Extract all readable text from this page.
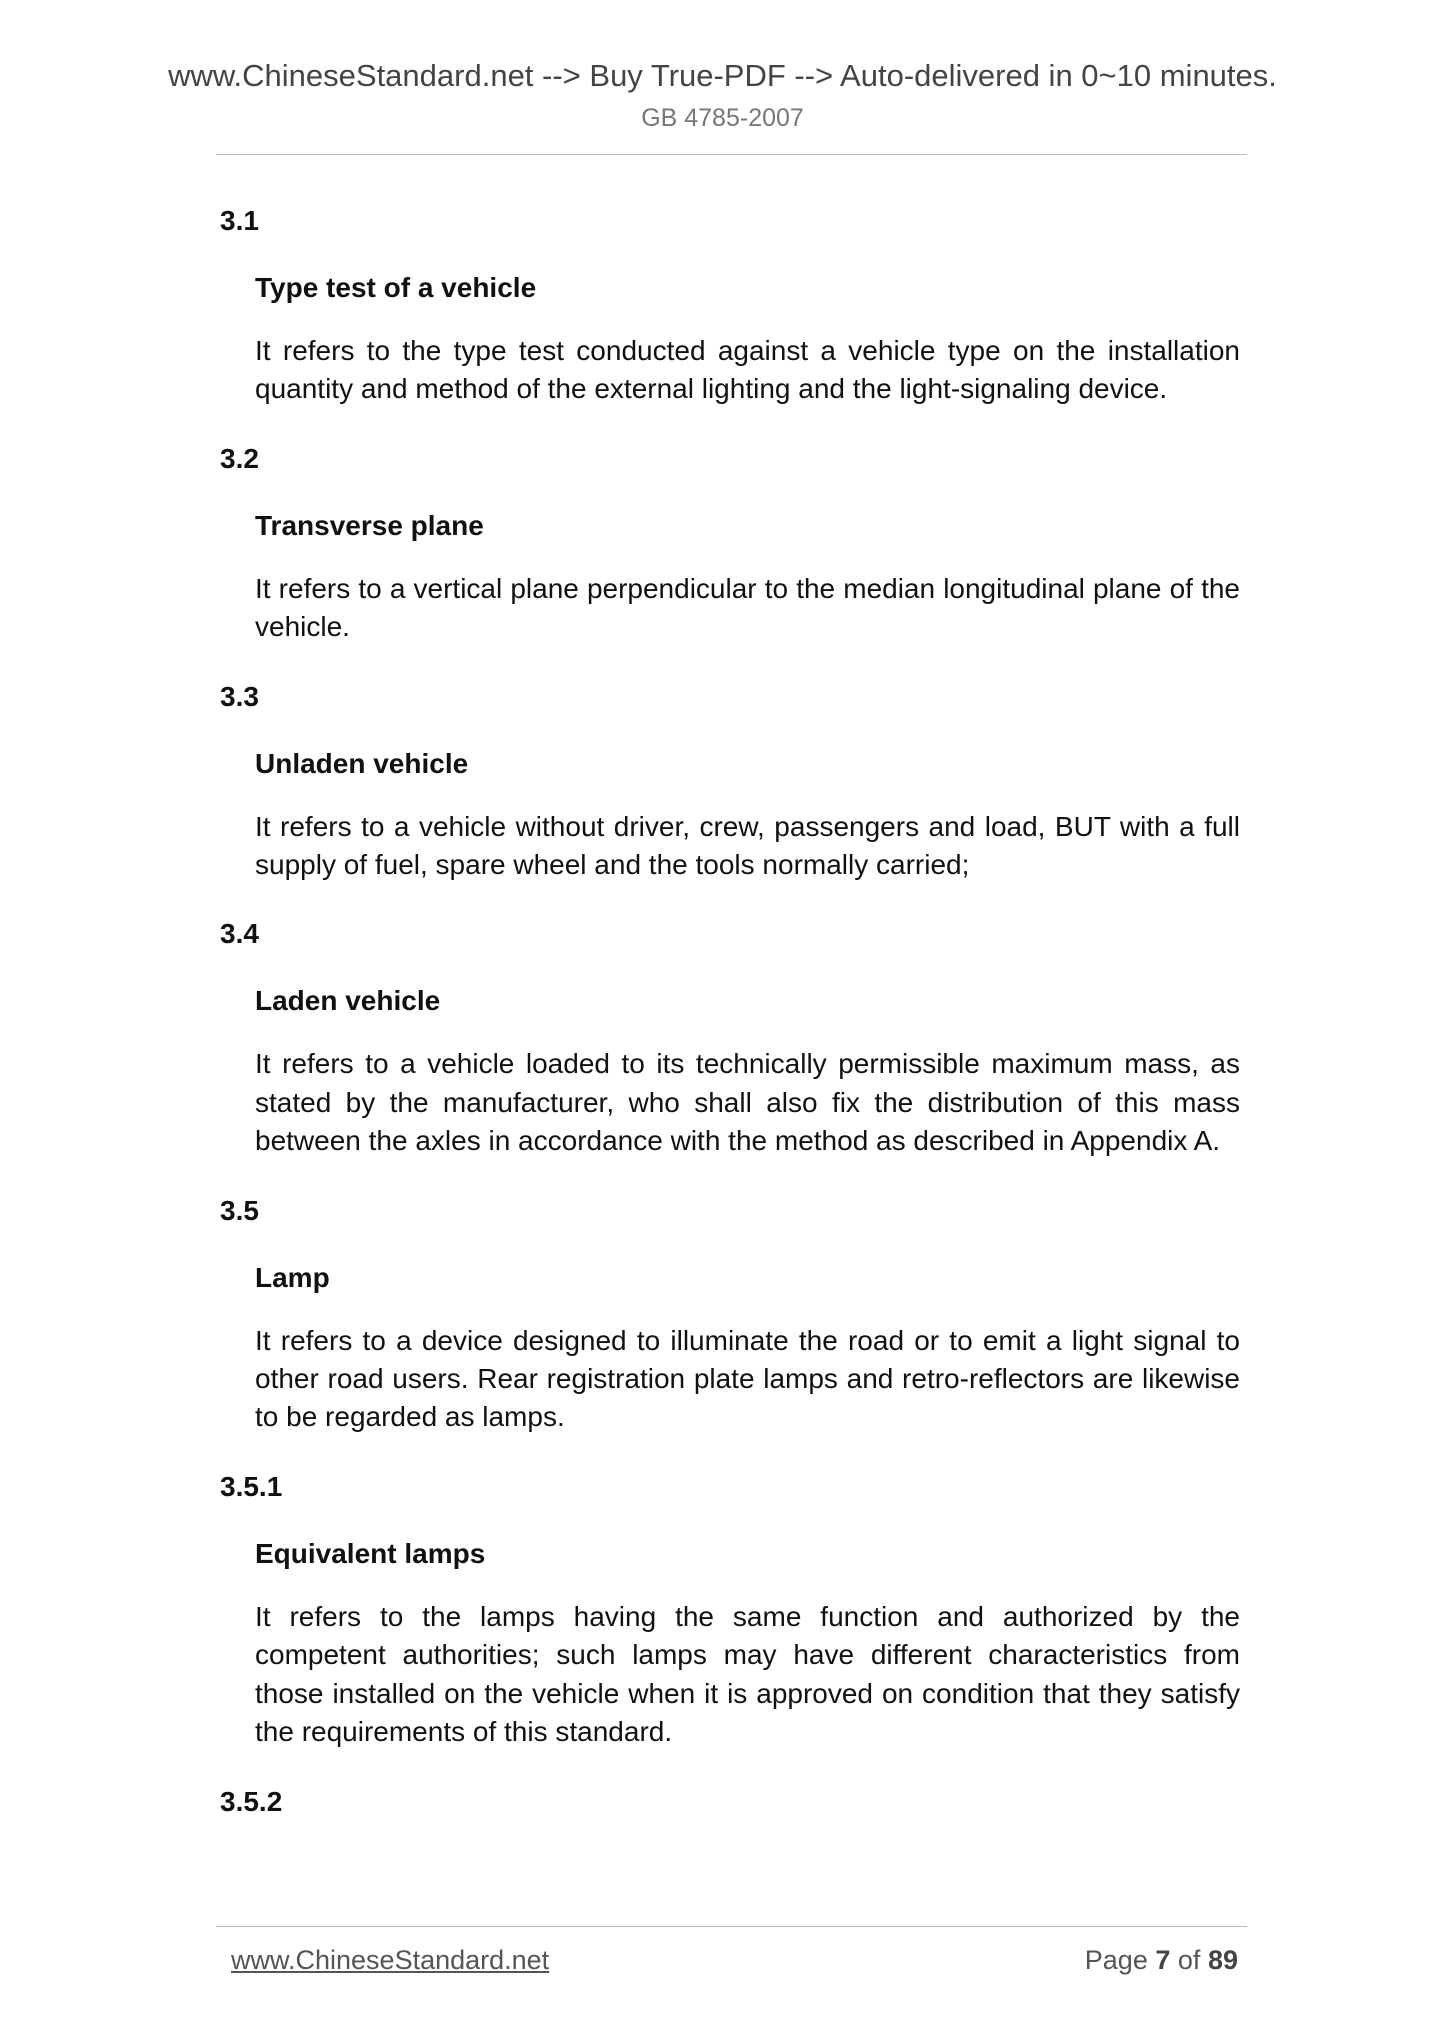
www.ChineseStandard.net --> Buy True-PDF --> Auto-delivered in 0~10 minutes.
GB 4785-2007
3.1
Type test of a vehicle
It refers to the type test conducted against a vehicle type on the installation quantity and method of the external lighting and the light-signaling device.
3.2
Transverse plane
It refers to a vertical plane perpendicular to the median longitudinal plane of the vehicle.
3.3
Unladen vehicle
It refers to a vehicle without driver, crew, passengers and load, BUT with a full supply of fuel, spare wheel and the tools normally carried;
3.4
Laden vehicle
It refers to a vehicle loaded to its technically permissible maximum mass, as stated by the manufacturer, who shall also fix the distribution of this mass between the axles in accordance with the method as described in Appendix A.
3.5
Lamp
It refers to a device designed to illuminate the road or to emit a light signal to other road users. Rear registration plate lamps and retro-reflectors are likewise to be regarded as lamps.
3.5.1
Equivalent lamps
It refers to the lamps having the same function and authorized by the competent authorities; such lamps may have different characteristics from those installed on the vehicle when it is approved on condition that they satisfy the requirements of this standard.
3.5.2
www.ChineseStandard.net	Page 7 of 89
